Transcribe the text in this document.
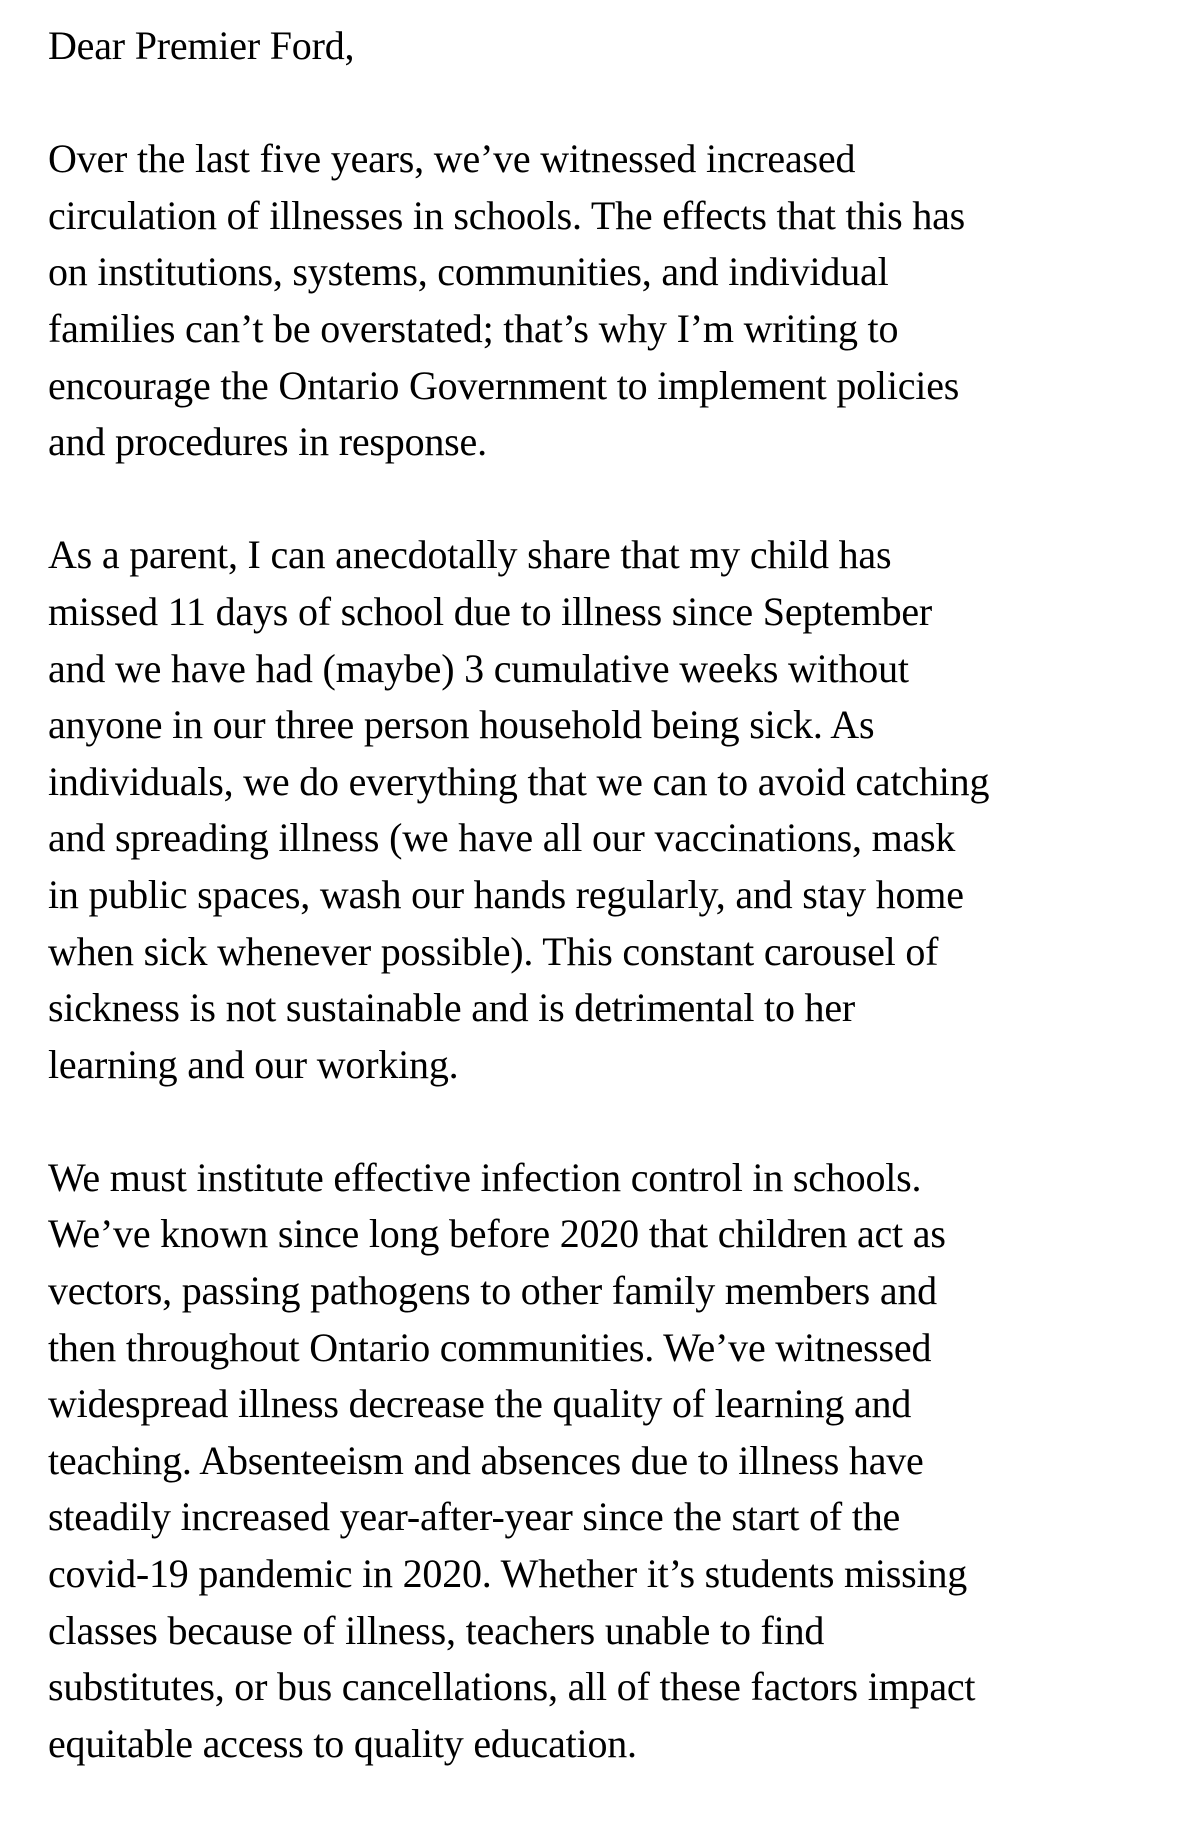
Dear Premier Ford,

Over the last five years, we’ve witnessed increased
circulation of illnesses in schools. The effects that this has
on institutions, systems, communities, and individual
families can’t be overstated; that’s why I’m writing to
encourage the Ontario Government to implement policies
and procedures in response.

As a parent, I can anecdotally share that my child has
missed 11 days of school due to illness since September
and we have had (maybe) 3 cumulative weeks without
anyone in our three person household being sick. As
individuals, we do everything that we can to avoid catching
and spreading illness (we have all our vaccinations, mask
in public spaces, wash our hands regularly, and stay home
when sick whenever possible). This constant carousel of
sickness is not sustainable and is detrimental to her
learning and our working.

We must institute effective infection control in schools.
We’ve known since long before 2020 that children act as
vectors, passing pathogens to other family members and
then throughout Ontario communities. We’ve witnessed
widespread illness decrease the quality of learning and
teaching. Absenteeism and absences due to illness have
steadily increased year-after-year since the start of the
covid-19 pandemic in 2020. Whether it’s students missing
classes because of illness, teachers unable to find
substitutes, or bus cancellations, all of these factors impact
equitable access to quality education.
